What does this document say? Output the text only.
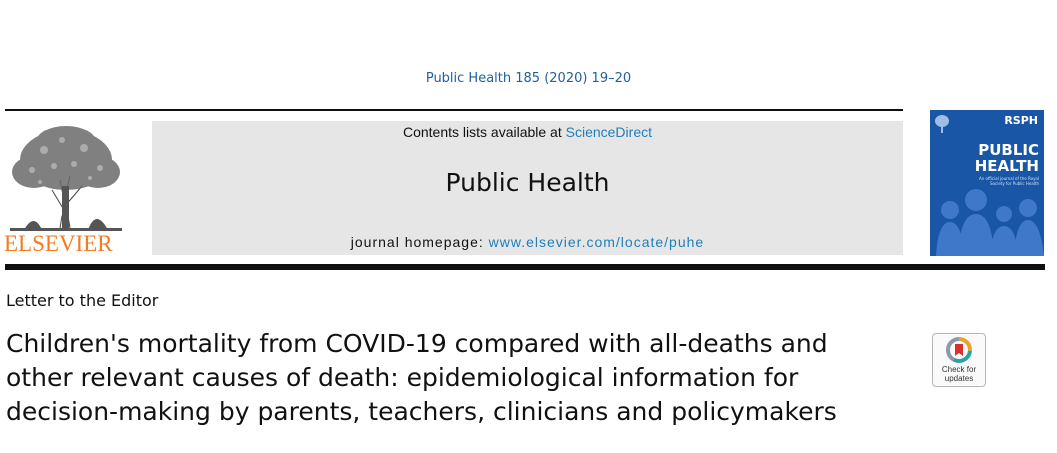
Public Health 185 (2020) 19–20
ELSEVIER
Contents lists available at ScienceDirect
Public Health
journal homepage: www.elsevier.com/locate/puhe
RSPH
PUBLIC
HEALTH
An official journal of the Royal Society for Public Health
Letter to the Editor
Children's mortality from COVID-19 compared with all-deaths and
other relevant causes of death: epidemiological information for
decision-making by parents, teachers, clinicians and policymakers
Check for
updates
